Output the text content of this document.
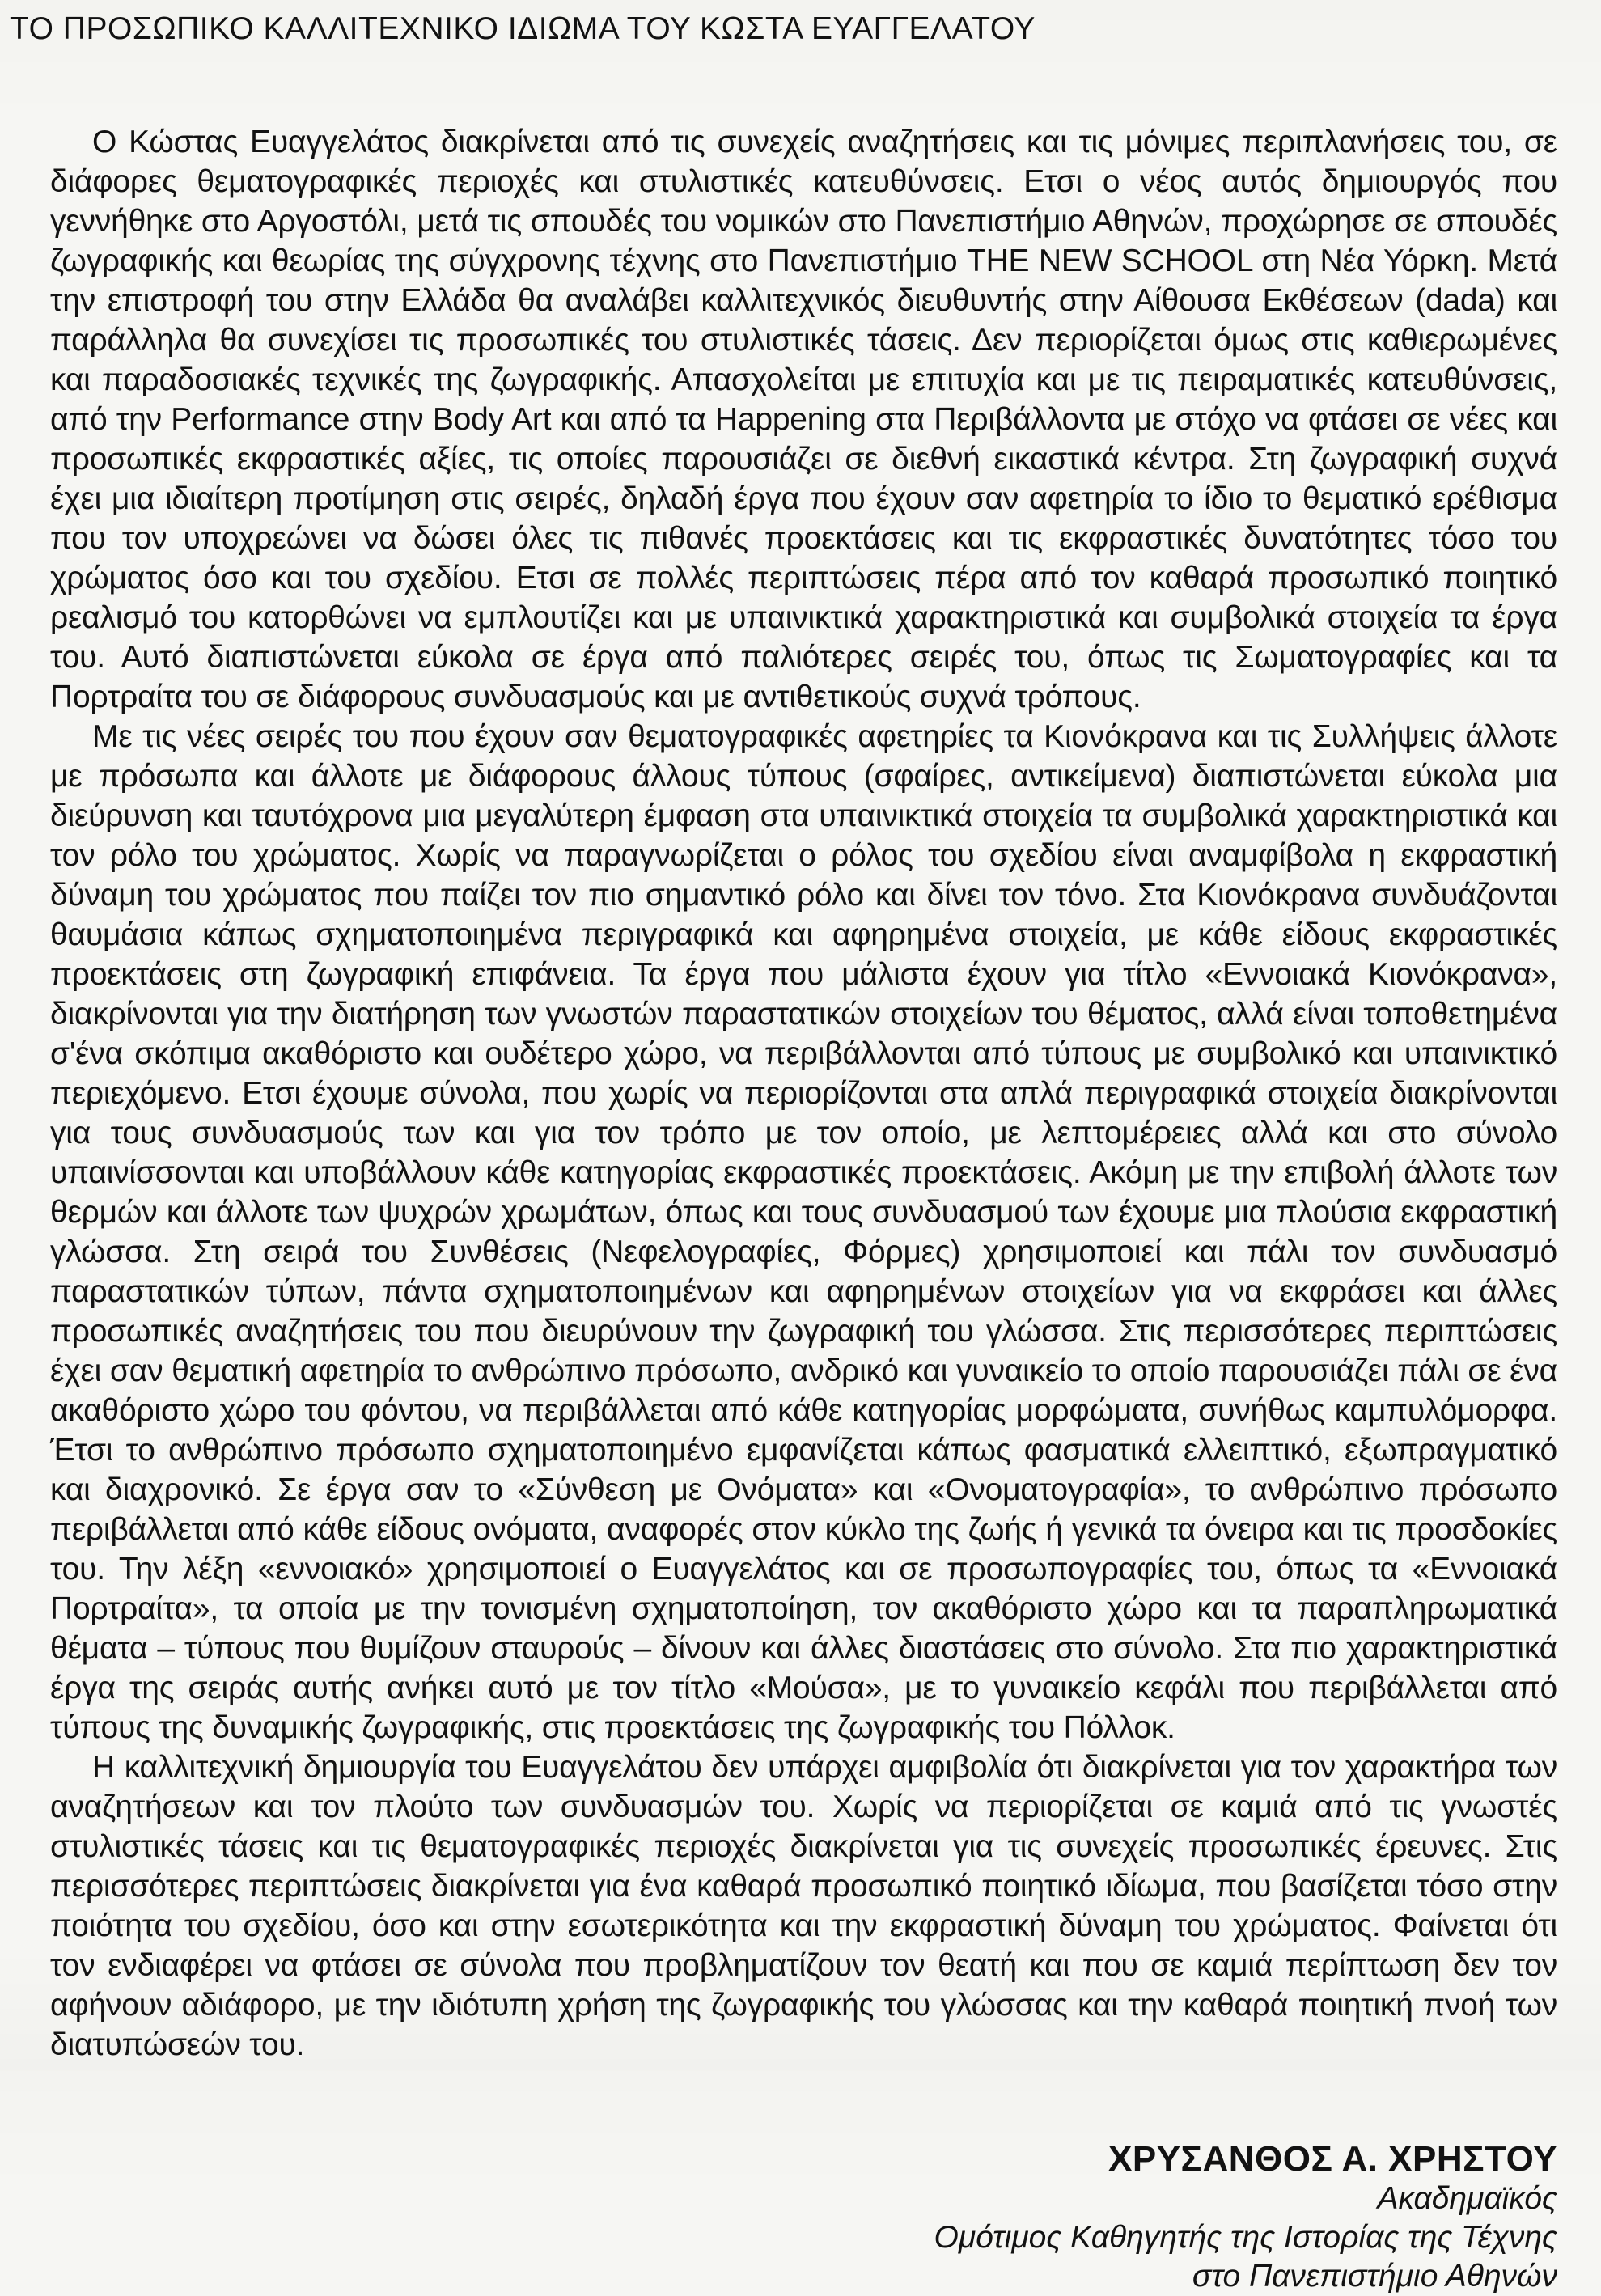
ΤΟ ΠΡΟΣΩΠΙΚΟ ΚΑΛΛΙΤΕΧΝΙΚΟ ΙΔΙΩΜΑ ΤΟΥ ΚΩΣΤΑ ΕΥΑΓΓΕΛΑΤΟΥ

Ο Κώστας Ευαγγελάτος διακρίνεται από τις συνεχείς αναζητήσεις και τις μόνιμες περιπλανήσεις του, σε διάφορες θεματογραφικές περιοχές και στυλιστικές κατευθύνσεις. Ετσι ο νέος αυτός δημιουργός που γεννήθηκε στο Αργοστόλι, μετά τις σπουδές του νομικών στο Πανεπιστήμιο Αθηνών, προχώρησε σε σπουδές ζωγραφικής και θεωρίας της σύγχρονης τέχνης στο Πανεπιστήμιο THE NEW SCHOOL στη Νέα Υόρκη. Μετά την επιστροφή του στην Ελλάδα θα αναλάβει καλλιτεχνικός διευθυντής στην Αίθουσα Εκθέσεων (dada) και παράλληλα θα συνεχίσει τις προσωπικές του στυλιστικές τάσεις. Δεν περιορίζεται όμως στις καθιερωμένες και παραδοσιακές τεχνικές της ζωγραφικής. Απασχολείται με επιτυχία και με τις πειραματικές κατευθύνσεις, από την Performance στην Body Art και από τα Happening στα Περιβάλλοντα με στόχο να φτάσει σε νέες και προσωπικές εκφραστικές αξίες, τις οποίες παρουσιάζει σε διεθνή εικαστικά κέντρα. Στη ζωγραφική συχνά έχει μια ιδιαίτερη προτίμηση στις σειρές, δηλαδή έργα που έχουν σαν αφετηρία το ίδιο το θεματικό ερέθισμα που τον υποχρεώνει να δώσει όλες τις πιθανές προεκτάσεις και τις εκφραστικές δυνατότητες τόσο του χρώματος όσο και του σχεδίου. Ετσι σε πολλές περιπτώσεις πέρα από τον καθαρά προσωπικό ποιητικό ρεαλισμό του κατορθώνει να εμπλουτίζει και με υπαινικτικά χαρακτηριστικά και συμβολικά στοιχεία τα έργα του. Αυτό διαπιστώνεται εύκολα σε έργα από παλιότερες σειρές του, όπως τις Σωματογραφίες και τα Πορτραίτα του σε διάφορους συνδυασμούς και με αντιθετικούς συχνά τρόπους.

Με τις νέες σειρές του που έχουν σαν θεματογραφικές αφετηρίες τα Κιονόκρανα και τις Συλλήψεις άλλοτε με πρόσωπα και άλλοτε με διάφορους άλλους τύπους (σφαίρες, αντικείμενα) διαπιστώνεται εύκολα μια διεύρυνση και ταυτόχρονα μια μεγαλύτερη έμφαση στα υπαινικτικά στοιχεία τα συμβολικά χαρακτηριστικά και τον ρόλο του χρώματος. Χωρίς να παραγνωρίζεται ο ρόλος του σχεδίου είναι αναμφίβολα η εκφραστική δύναμη του χρώματος που παίζει τον πιο σημαντικό ρόλο και δίνει τον τόνο. Στα Κιονόκρανα συνδυάζονται θαυμάσια κάπως σχηματοποιημένα περιγραφικά και αφηρημένα στοιχεία, με κάθε είδους εκφραστικές προεκτάσεις στη ζωγραφική επιφάνεια. Τα έργα που μάλιστα έχουν για τίτλο «Εννοιακά Κιονόκρανα», διακρίνονται για την διατήρηση των γνωστών παραστατικών στοιχείων του θέματος, αλλά είναι τοποθετημένα σ'ένα σκόπιμα ακαθόριστο και ουδέτερο χώρο, να περιβάλλονται από τύπους με συμβολικό και υπαινικτικό περιεχόμενο. Ετσι έχουμε σύνολα, που χωρίς να περιορίζονται στα απλά περιγραφικά στοιχεία διακρίνονται για τους συνδυασμούς των και για τον τρόπο με τον οποίο, με λεπτομέρειες αλλά και στο σύνολο υπαινίσσονται και υποβάλλουν κάθε κατηγορίας εκφραστικές προεκτάσεις. Ακόμη με την επιβολή άλλοτε των θερμών και άλλοτε των ψυχρών χρωμάτων, όπως και τους συνδυασμού των έχουμε μια πλούσια εκφραστική γλώσσα. Στη σειρά του Συνθέσεις (Νεφελογραφίες, Φόρμες) χρησιμοποιεί και πάλι τον συνδυασμό παραστατικών τύπων, πάντα σχηματοποιημένων και αφηρημένων στοιχείων για να εκφράσει και άλλες προσωπικές αναζητήσεις του που διευρύνουν την ζωγραφική του γλώσσα. Στις περισσότερες περιπτώσεις έχει σαν θεματική αφετηρία το ανθρώπινο πρόσωπο, ανδρικό και γυναικείο το οποίο παρουσιάζει πάλι σε ένα ακαθόριστο χώρο του φόντου, να περιβάλλεται από κάθε κατηγορίας μορφώματα, συνήθως καμπυλόμορφα. Έτσι το ανθρώπινο πρόσωπο σχηματοποιημένο εμφανίζεται κάπως φασματικά ελλειπτικό, εξωπραγματικό και διαχρονικό. Σε έργα σαν το «Σύνθεση με Ονόματα» και «Ονοματογραφία», το ανθρώπινο πρόσωπο περιβάλλεται από κάθε είδους ονόματα, αναφορές στον κύκλο της ζωής ή γενικά τα όνειρα και τις προσδοκίες του. Την λέξη «εννοιακό» χρησιμοποιεί ο Ευαγγελάτος και σε προσωπογραφίες του, όπως τα «Εννοιακά Πορτραίτα», τα οποία με την τονισμένη σχηματοποίηση, τον ακαθόριστο χώρο και τα παραπληρωματικά θέματα – τύπους που θυμίζουν σταυρούς – δίνουν και άλλες διαστάσεις στο σύνολο. Στα πιο χαρακτηριστικά έργα της σειράς αυτής ανήκει αυτό με τον τίτλο «Μούσα», με το γυναικείο κεφάλι που περιβάλλεται από τύπους της δυναμικής ζωγραφικής, στις προεκτάσεις της ζωγραφικής του Πόλλοκ.

Η καλλιτεχνική δημιουργία του Ευαγγελάτου δεν υπάρχει αμφιβολία ότι διακρίνεται για τον χαρακτήρα των αναζητήσεων και τον πλούτο των συνδυασμών του. Χωρίς να περιορίζεται σε καμιά από τις γνωστές στυλιστικές τάσεις και τις θεματογραφικές περιοχές διακρίνεται για τις συνεχείς προσωπικές έρευνες. Στις περισσότερες περιπτώσεις διακρίνεται για ένα καθαρά προσωπικό ποιητικό ιδίωμα, που βασίζεται τόσο στην ποιότητα του σχεδίου, όσο και στην εσωτερικότητα και την εκφραστική δύναμη του χρώματος. Φαίνεται ότι τον ενδιαφέρει να φτάσει σε σύνολα που προβληματίζουν τον θεατή και που σε καμιά περίπτωση δεν τον αφήνουν αδιάφορο, με την ιδιότυπη χρήση της ζωγραφικής του γλώσσας και την καθαρά ποιητική πνοή των διατυπώσεών του.

ΧΡΥΣΑΝΘΟΣ Α. ΧΡΗΣΤΟΥ
Ακαδημαϊκός
Ομότιμος Καθηγητής της Ιστορίας της Τέχνης
στο Πανεπιστήμιο Αθηνών
